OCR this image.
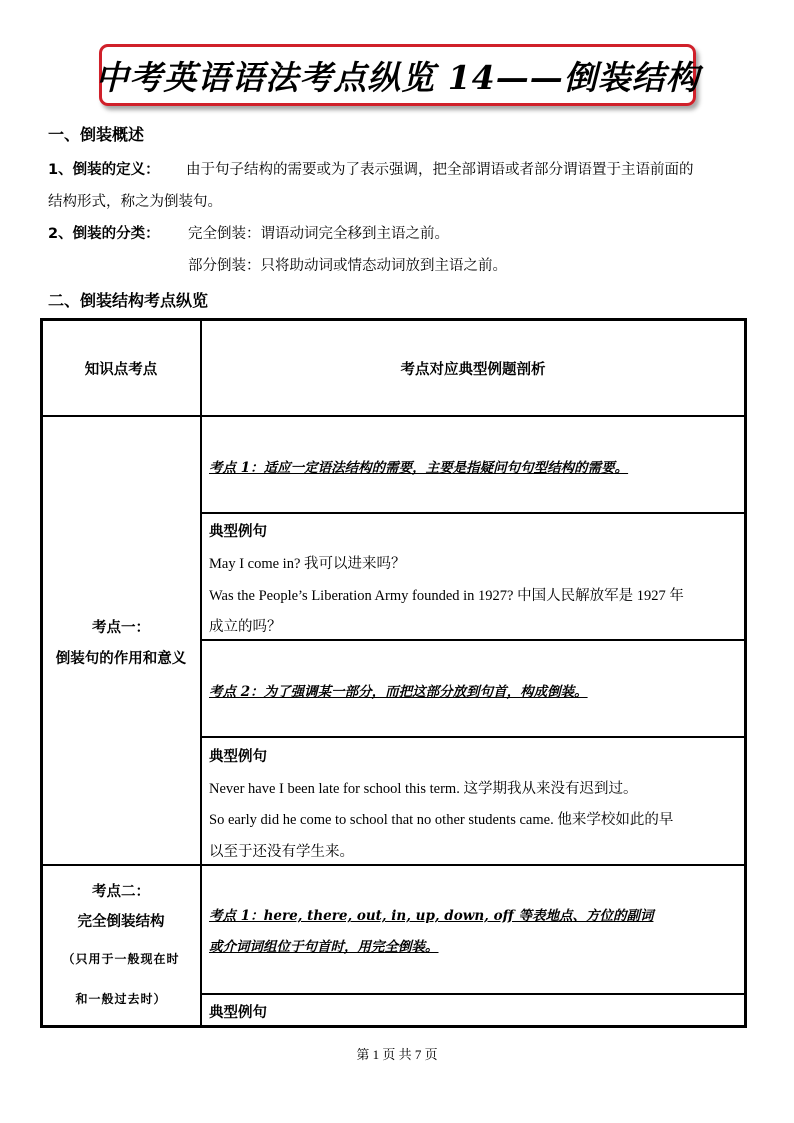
中考英语语法考点纵览 14——倒装结构
一、倒装概述
1、倒装的定义： 由于句子结构的需要或为了表示强调，把全部谓语或者部分谓语置于主语前面的
结构形式，称之为倒装句。
2、倒装的分类： 完全倒装：谓语动词完全移到主语之前。
部分倒装：只将助动词或情态动词放到主语之前。
二、倒装结构考点纵览
知识点考点	考点对应典型例题剖析
考点一：
倒装句的作用和意义
考点 1：适应一定语法结构的需要，主要是指疑问句句型结构的需要。
典型例句
May I come in? 我可以进来吗？
Was the People’s Liberation Army founded in 1927? 中国人民解放军是 1927 年
成立的吗？
考点 2：为了强调某一部分，而把这部分放到句首，构成倒装。
典型例句
Never have I been late for school this term. 这学期我从来没有迟到过。
So early did he come to school that no other students came. 他来学校如此的早
以至于还没有学生来。
考点二：
完全倒装结构
（只用于一般现在时
和一般过去时）
考点 1：here, there, out, in, up, down, off 等表地点、方位的副词
或介词词组位于句首时，用完全倒装。
典型例句
第 1 页 共 7 页
